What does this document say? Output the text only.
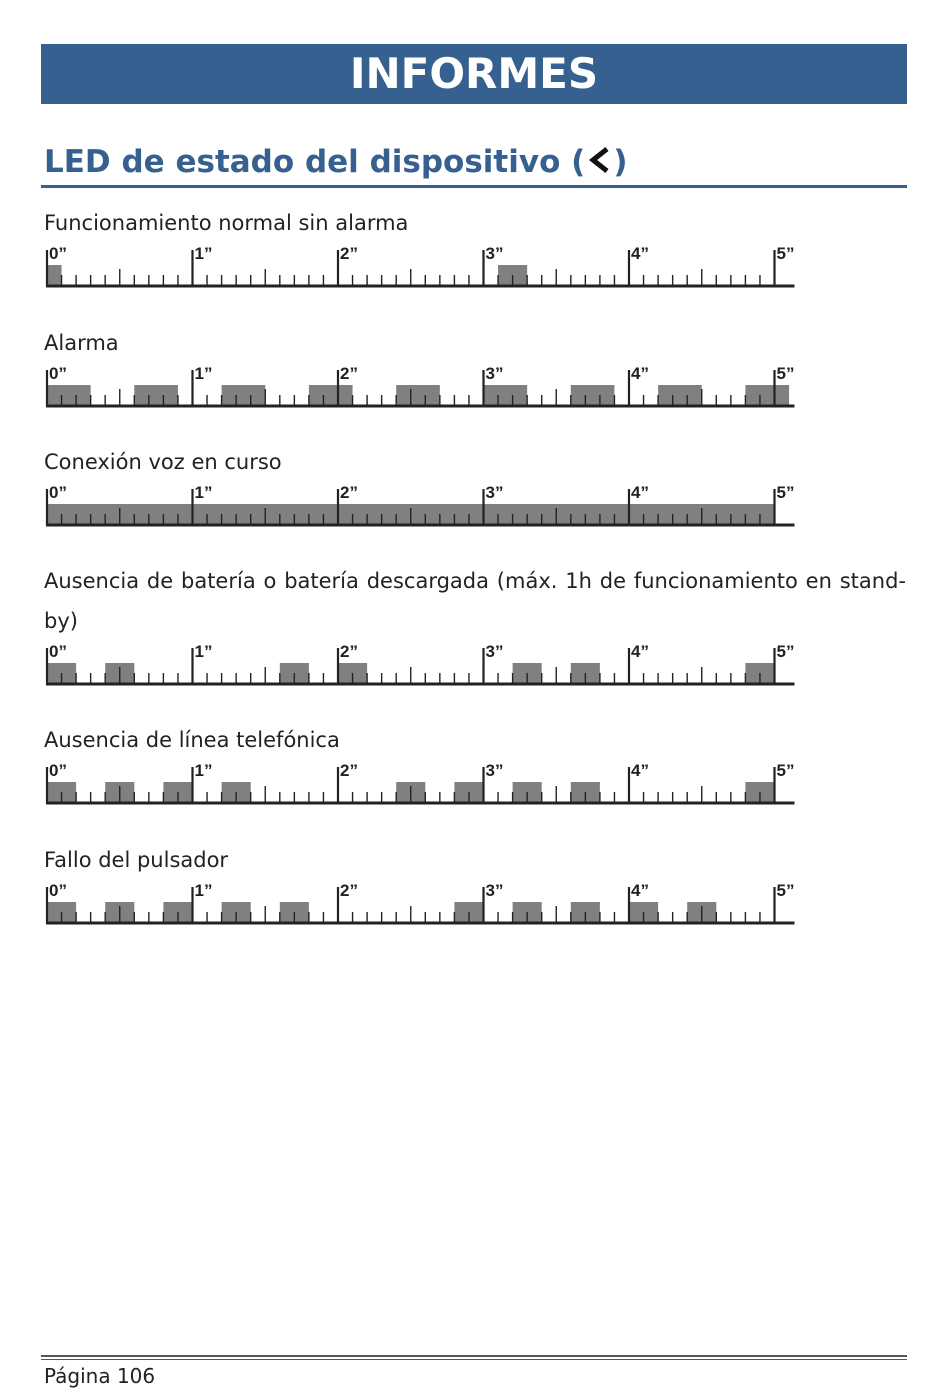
INFORMES
LED de estado del dispositivo ( )

Funcionamiento normal sin alarma

0”	1”	2”	3”	4”	5”

Alarma

0”	1”	2”	3”	4”	5”

Conexión voz en curso

0”	1”	2”	3”	4”	5”

Ausencia de batería o batería descargada (máx. 1h de funcionamiento en stand-by)

0”	1”	2”	3”	4”	5”

Ausencia de línea telefónica

0”	1”	2”	3”	4”	5”

Fallo del pulsador

0”	1”	2”	3”	4”	5”
Página 106
